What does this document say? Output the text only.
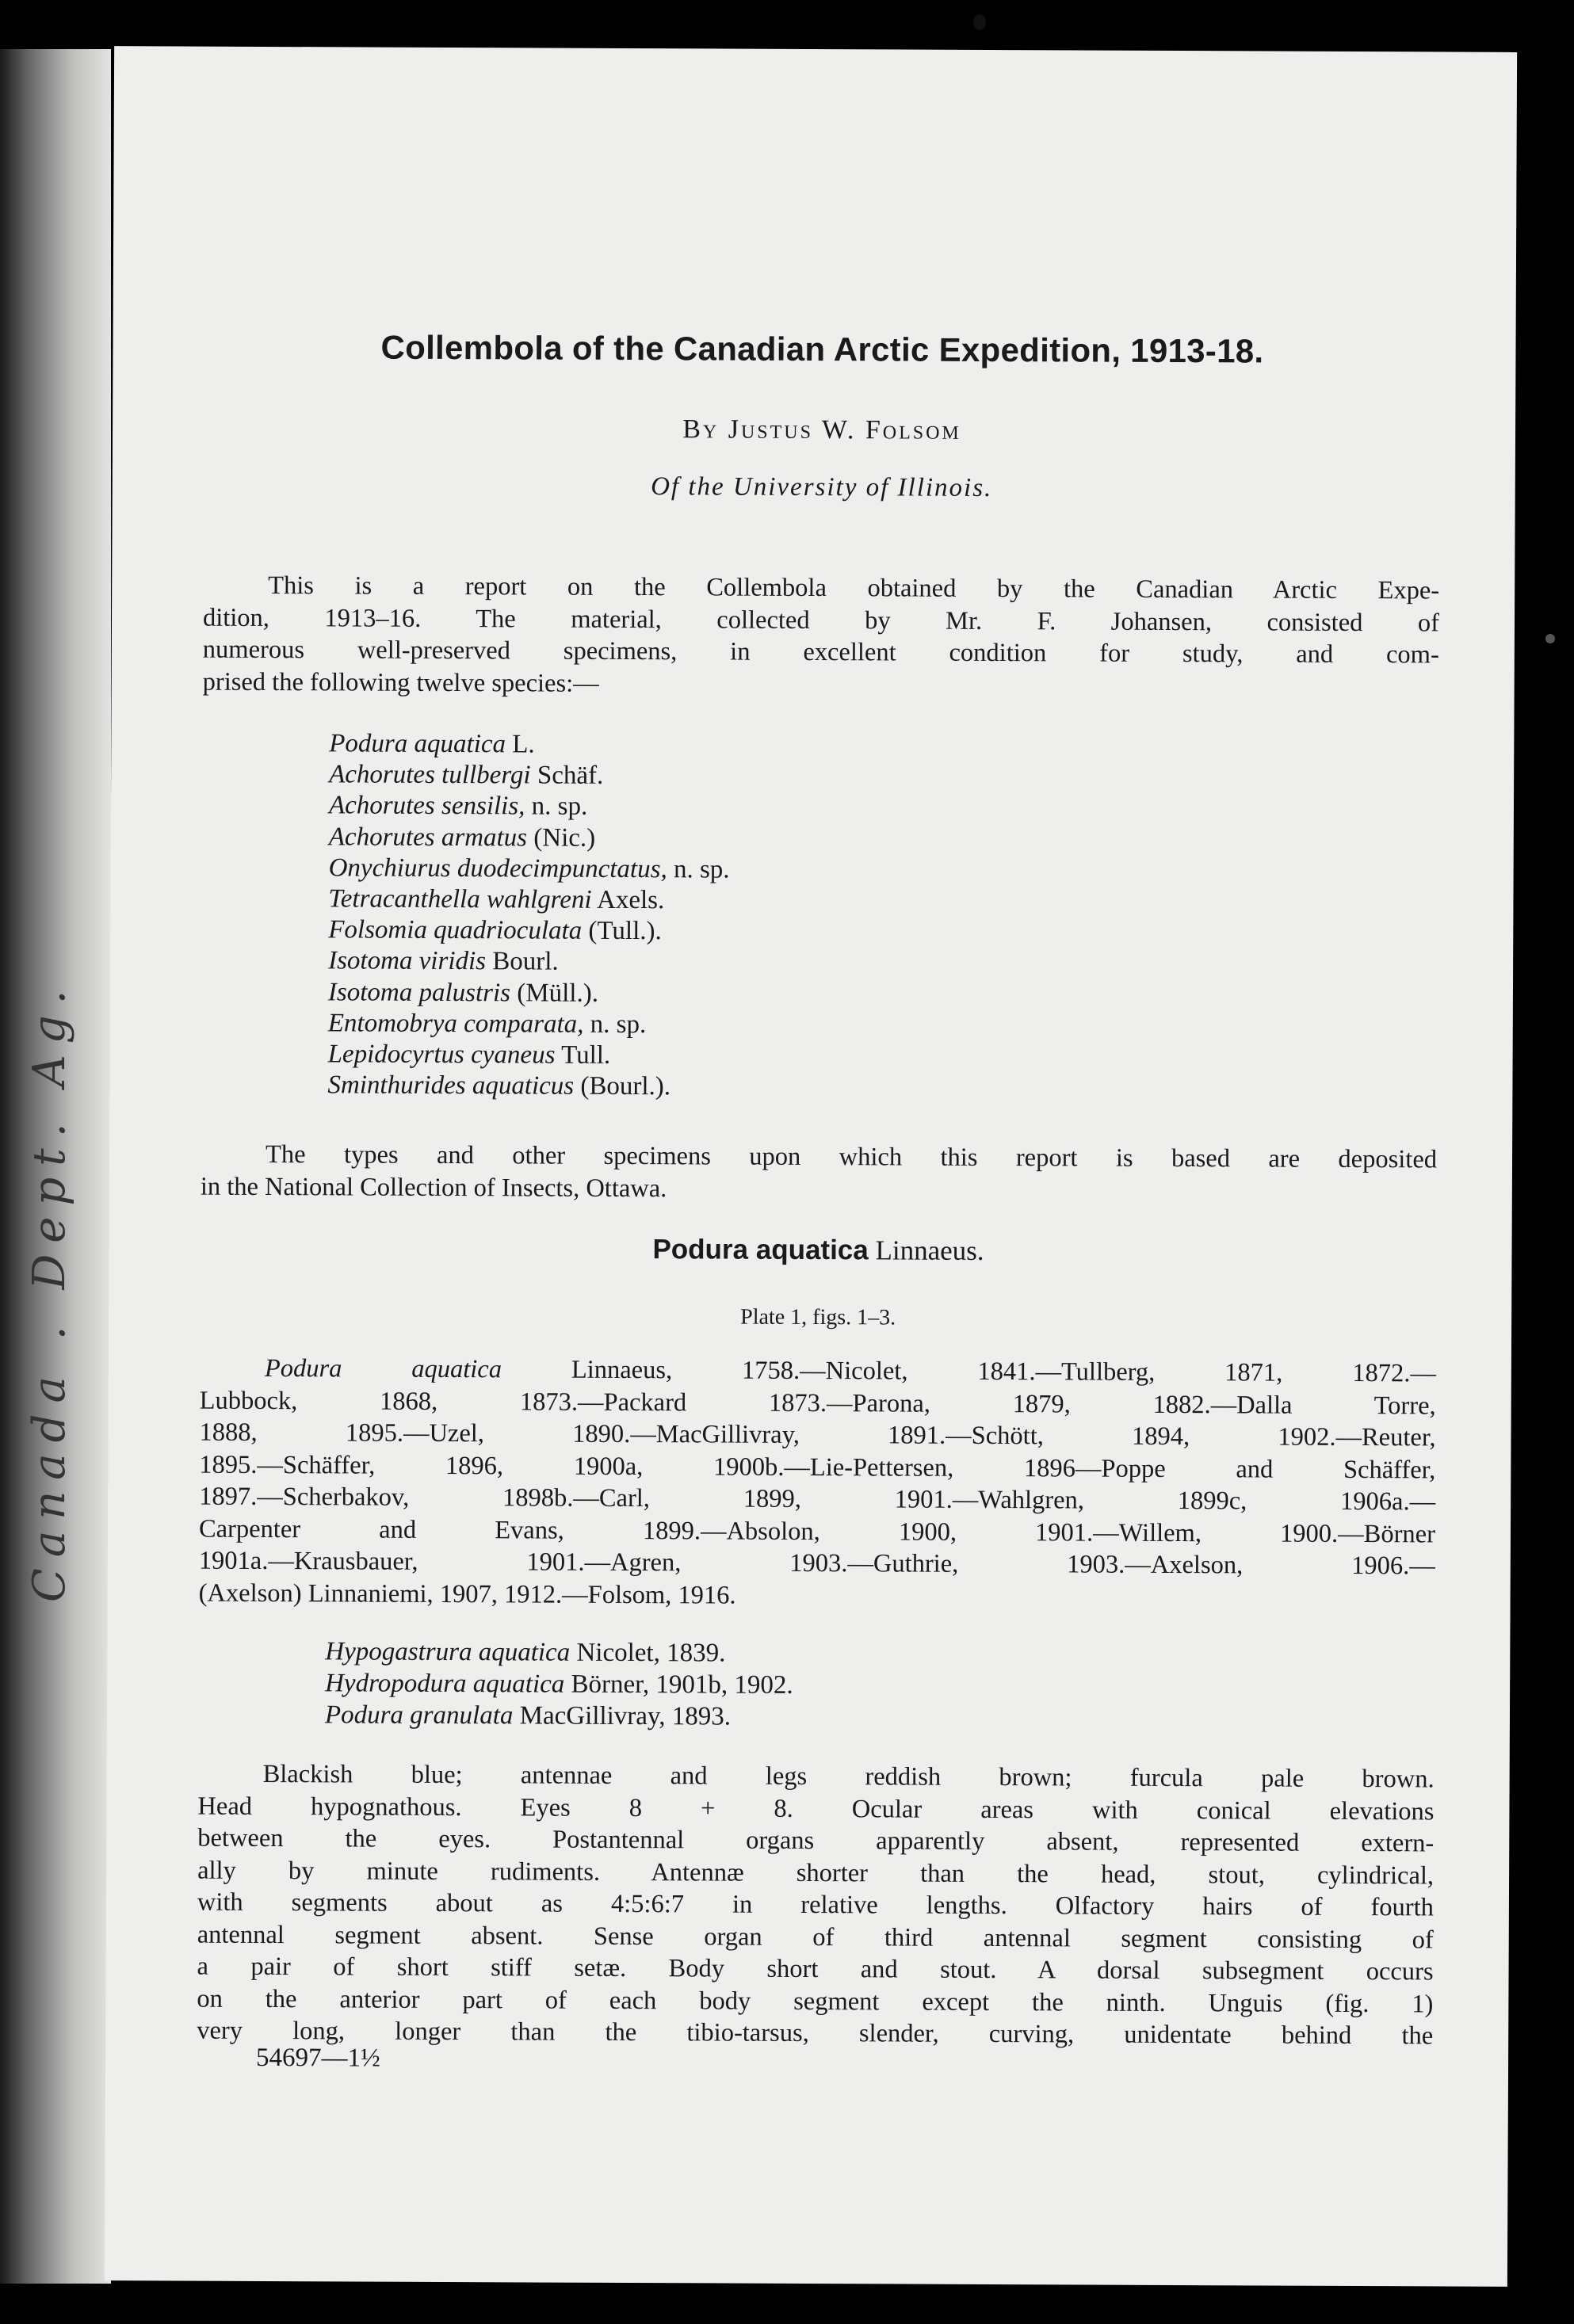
Canada . Dept. Ag.
Collembola of the Canadian Arctic Expedition, 1913-18.
By Justus W. Folsom
Of the University of Illinois.
This is a report on the Collembola obtained by the Canadian Arctic Expe-
dition, 1913–16. The material, collected by Mr. F. Johansen, consisted of
numerous well-preserved specimens, in excellent condition for study, and com-
prised the following twelve species:—
Podura aquatica L.
Achorutes tullbergi Schäf.
Achorutes sensilis, n. sp.
Achorutes armatus (Nic.)
Onychiurus duodecimpunctatus, n. sp.
Tetracanthella wahlgreni Axels.
Folsomia quadrioculata (Tull.).
Isotoma viridis Bourl.
Isotoma palustris (Müll.).
Entomobrya comparata, n. sp.
Lepidocyrtus cyaneus Tull.
Sminthurides aquaticus (Bourl.).
The types and other specimens upon which this report is based are deposited
in the National Collection of Insects, Ottawa.
Podura aquatica Linnaeus.
Plate 1, figs. 1–3.
Podura aquatica Linnaeus, 1758.—Nicolet, 1841.—Tullberg, 1871, 1872.—
Lubbock, 1868, 1873.—Packard 1873.—Parona, 1879, 1882.—Dalla Torre,
1888, 1895.—Uzel, 1890.—MacGillivray, 1891.—Schött, 1894, 1902.—Reuter,
1895.—Schäffer, 1896, 1900a, 1900b.—Lie-Pettersen, 1896—Poppe and Schäffer,
1897.—Scherbakov, 1898b.—Carl, 1899, 1901.—Wahlgren, 1899c, 1906a.—
Carpenter and Evans, 1899.—Absolon, 1900, 1901.—Willem, 1900.—Börner
1901a.—Krausbauer, 1901.—Agren, 1903.—Guthrie, 1903.—Axelson, 1906.—
(Axelson) Linnaniemi, 1907, 1912.—Folsom, 1916.
Hypogastrura aquatica Nicolet, 1839.
Hydropodura aquatica Börner, 1901b, 1902.
Podura granulata MacGillivray, 1893.
Blackish blue; antennae and legs reddish brown; furcula pale brown.
Head hypognathous. Eyes 8 + 8. Ocular areas with conical elevations
between the eyes. Postantennal organs apparently absent, represented extern-
ally by minute rudiments. Antennæ shorter than the head, stout, cylindrical,
with segments about as 4:5:6:7 in relative lengths. Olfactory hairs of fourth
antennal segment absent. Sense organ of third antennal segment consisting of
a pair of short stiff setæ. Body short and stout. A dorsal subsegment occurs
on the anterior part of each body segment except the ninth. Unguis (fig. 1)
very long, longer than the tibio-tarsus, slender, curving, unidentate behind the
54697—1½
